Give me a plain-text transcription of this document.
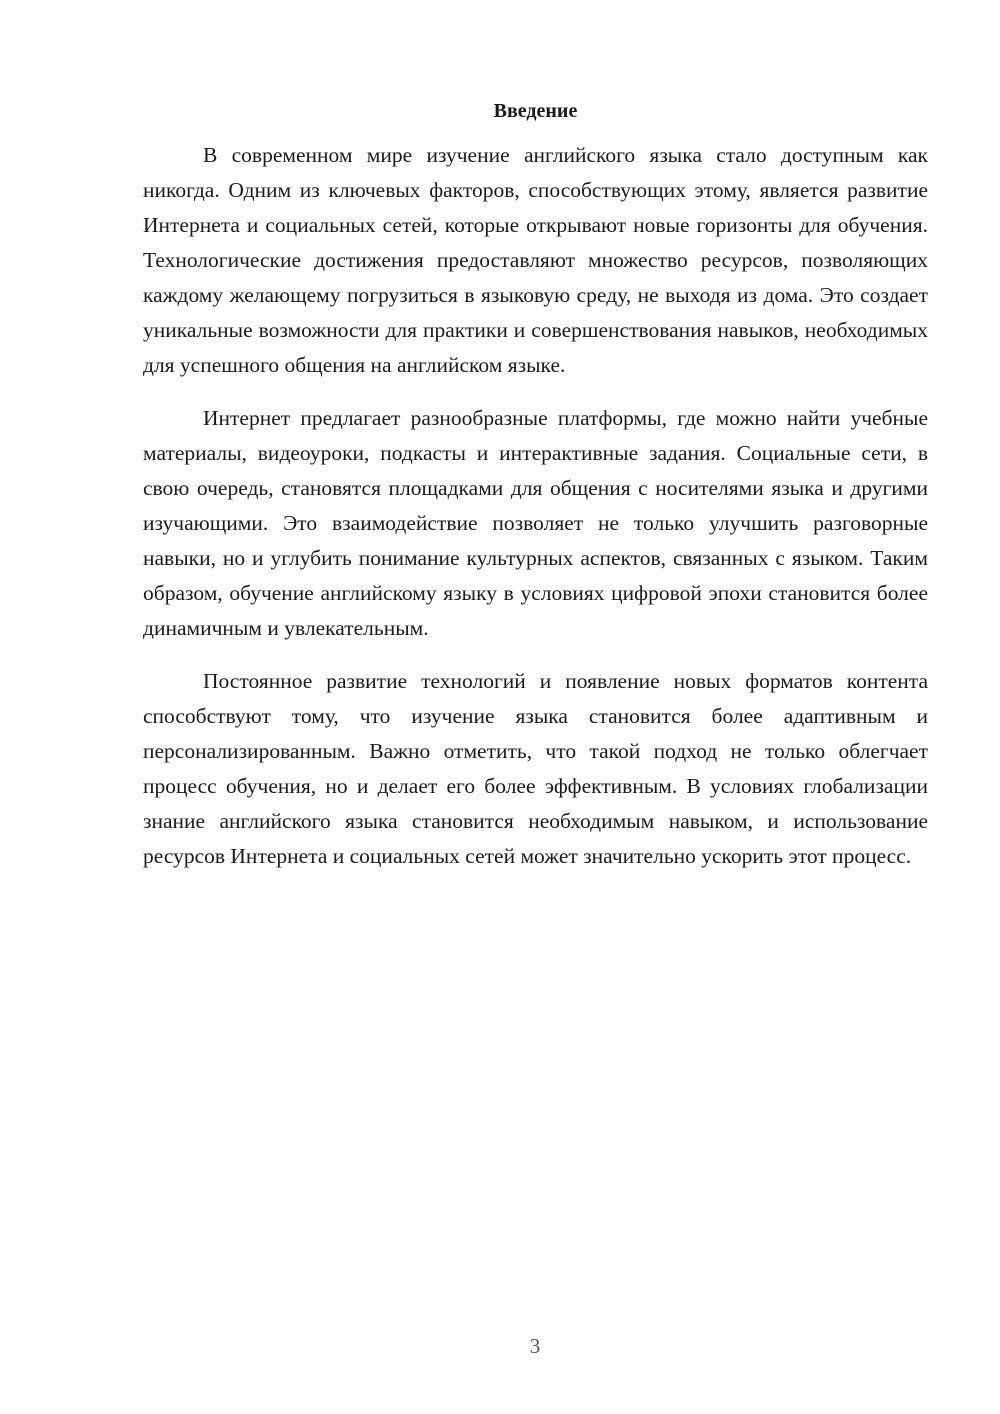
Введение

В современном мире изучение английского языка стало доступным как никогда. Одним из ключевых факторов, способствующих этому, является развитие Интернета и социальных сетей, которые открывают новые горизонты для обучения. Технологические достижения предоставляют множество ресурсов, позволяющих каждому желающему погрузиться в языковую среду, не выходя из дома. Это создает уникальные возможности для практики и совершенствования навыков, необходимых для успешного общения на английском языке.

Интернет предлагает разнообразные платформы, где можно найти учебные материалы, видеоуроки, подкасты и интерактивные задания. Социальные сети, в свою очередь, становятся площадками для общения с носителями языка и другими изучающими. Это взаимодействие позволяет не только улучшить разговорные навыки, но и углубить понимание культурных аспектов, связанных с языком. Таким образом, обучение английскому языку в условиях цифровой эпохи становится более динамичным и увлекательным.

Постоянное развитие технологий и появление новых форматов контента способствуют тому, что изучение языка становится более адаптивным и персонализированным. Важно отметить, что такой подход не только облегчает процесс обучения, но и делает его более эффективным. В условиях глобализации знание английского языка становится необходимым навыком, и использование ресурсов Интернета и социальных сетей может значительно ускорить этот процесс.

3
